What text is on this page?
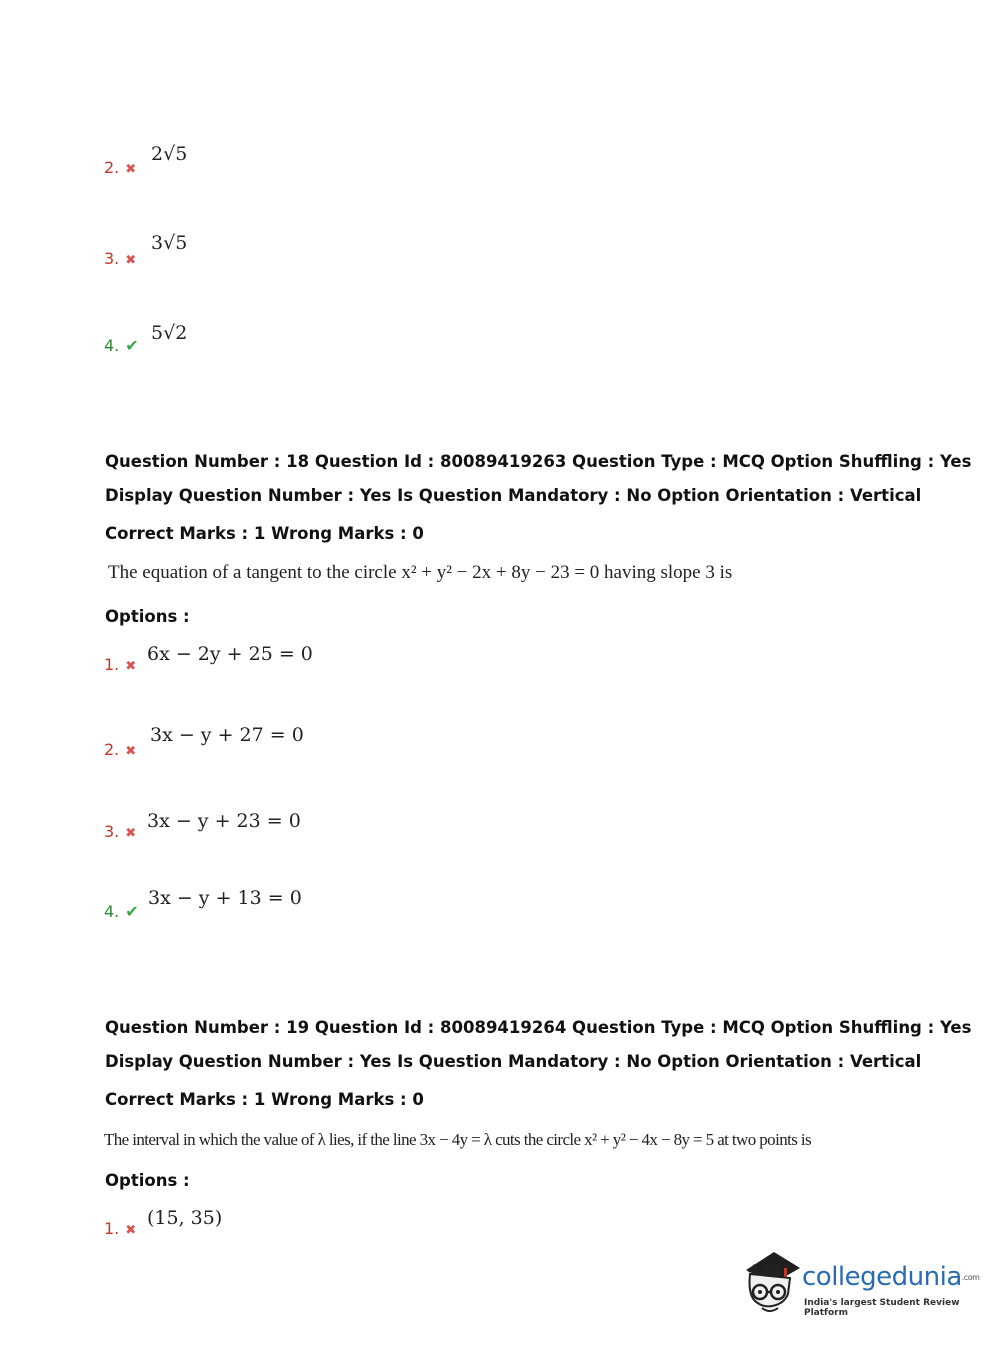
2. ✖
2√5
3. ✖
3√5
4. ✔
5√2
Question Number : 18 Question Id : 80089419263 Question Type : MCQ Option Shuffling : Yes
Display Question Number : Yes Is Question Mandatory : No Option Orientation : Vertical
Correct Marks : 1 Wrong Marks : 0
The equation of a tangent to the circle x² + y² − 2x + 8y − 23 = 0 having slope 3 is
Options :
1. ✖
6x − 2y + 25 = 0
2. ✖
3x − y + 27 = 0
3. ✖
3x − y + 23 = 0
4. ✔
3x − y + 13 = 0
Question Number : 19 Question Id : 80089419264 Question Type : MCQ Option Shuffling : Yes
Display Question Number : Yes Is Question Mandatory : No Option Orientation : Vertical
Correct Marks : 1 Wrong Marks : 0
The interval in which the value of λ lies, if the line 3x − 4y = λ cuts the circle x² + y² − 4x − 8y = 5 at two points is
Options :
1. ✖
(15, 35)
collegedunia.com
India's largest Student Review Platform
